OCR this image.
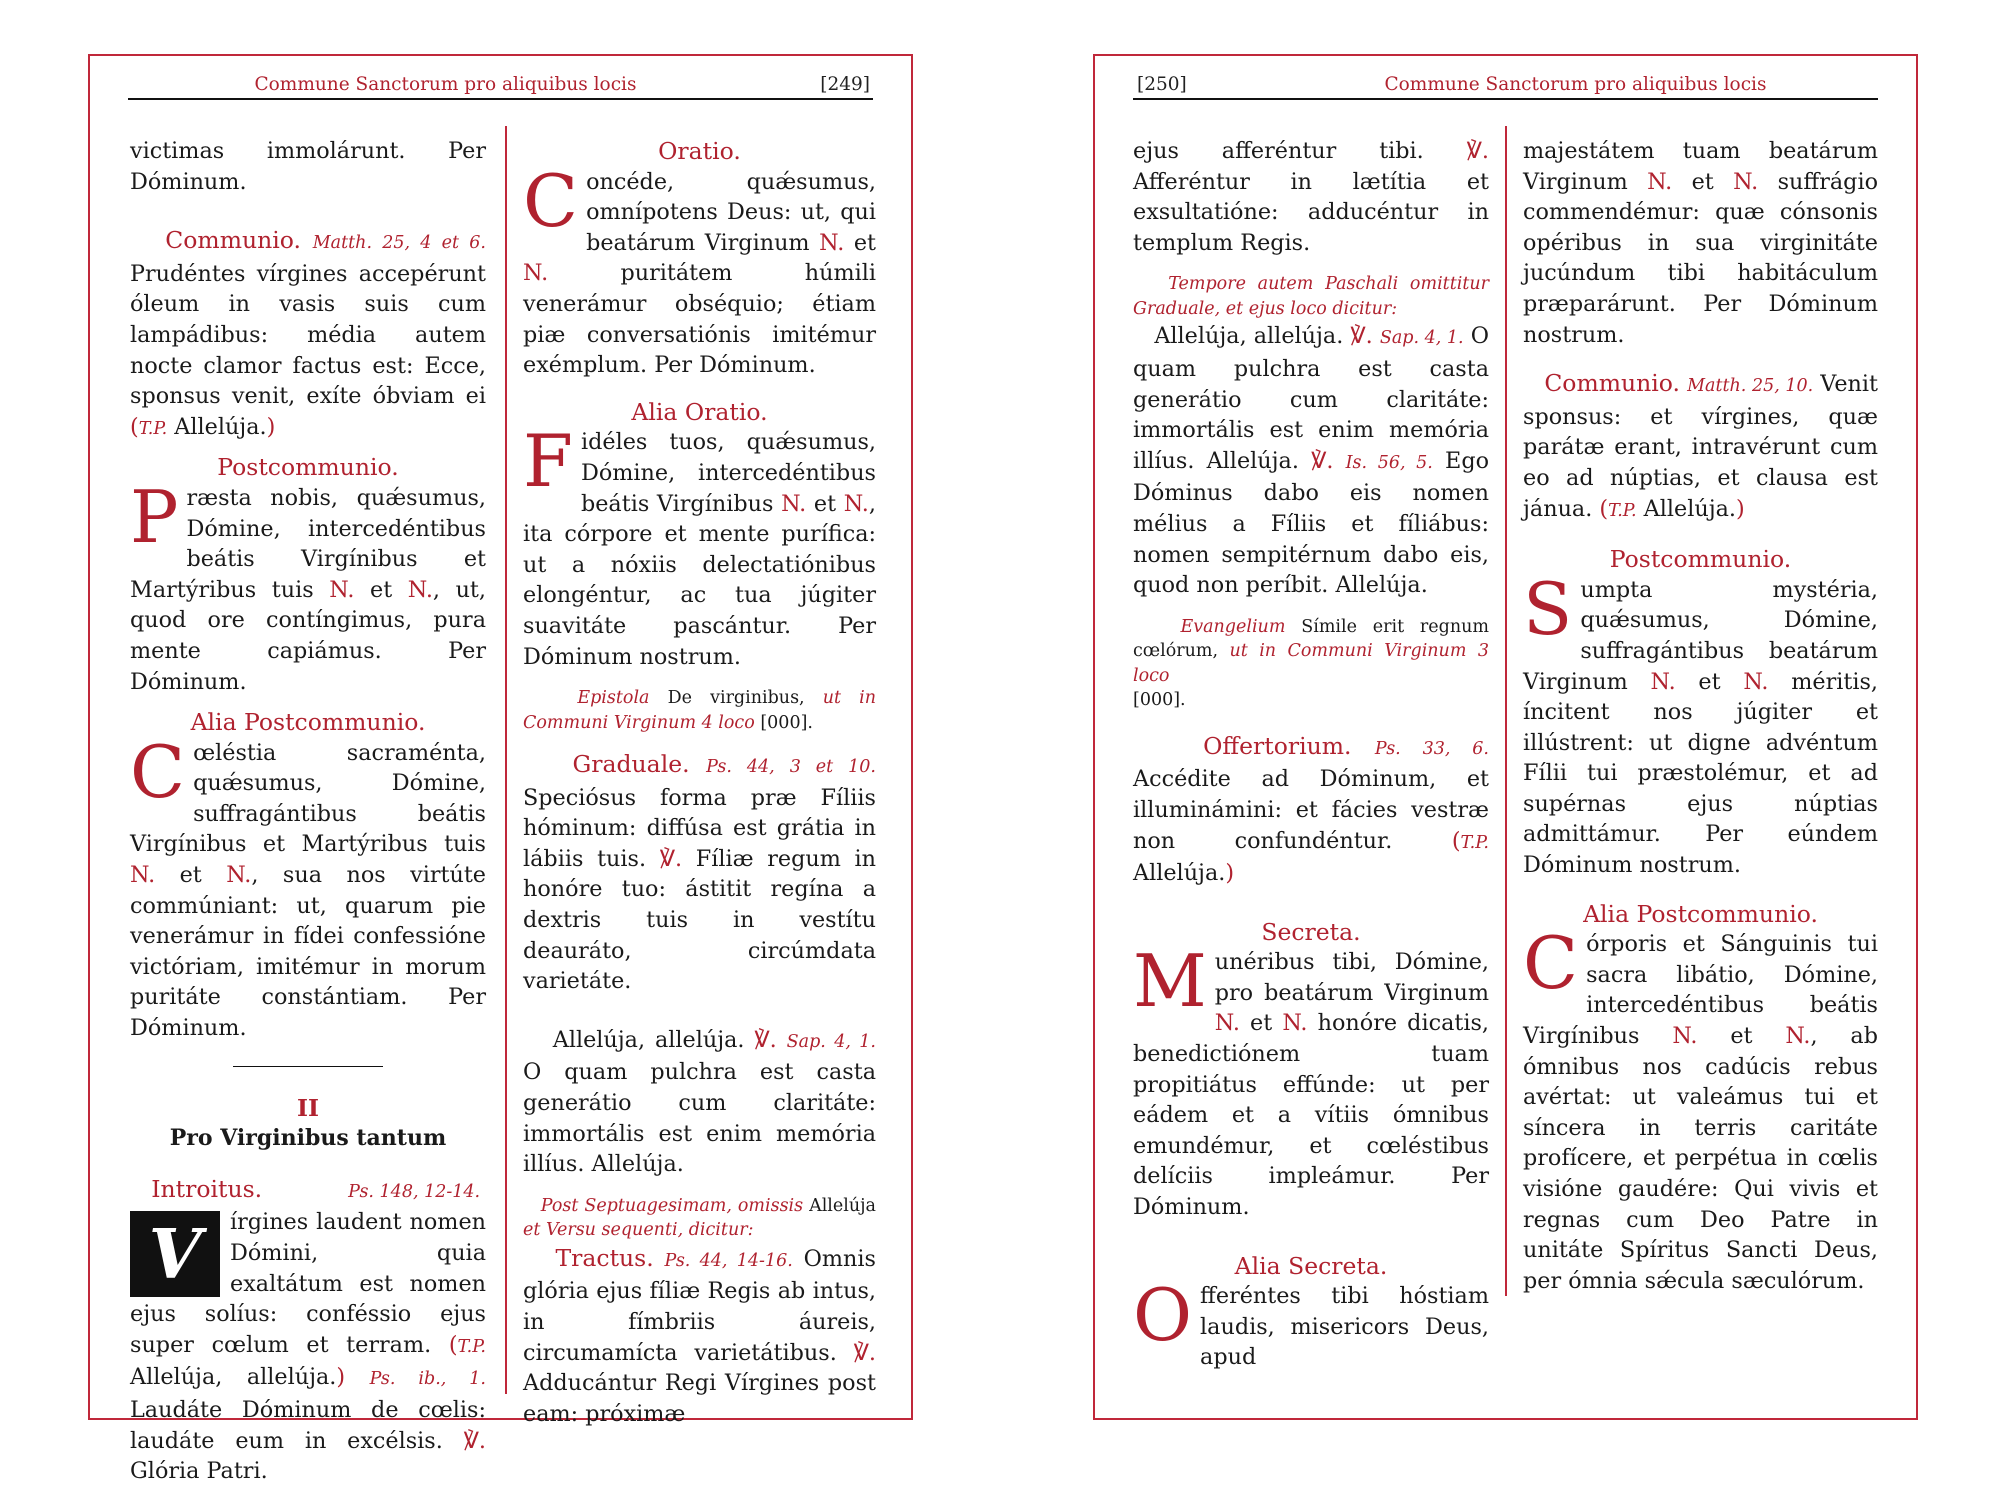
Commune Sanctorum pro aliquibus locis	[249]

victimas immolárunt. Per Dóminum.

Communio. Matth. 25, 4 et 6. Prudéntes vírgines accepérunt óleum in vasis suis cum lampádibus: média autem nocte clamor factus est: Ecce, sponsus venit, exíte óbviam ei (T.P. Allelúja.)

Postcommunio.

Præsta nobis, quǽsumus, Dómine, intercedéntibus beátis Virgínibus et Martýribus tuis N. et N., ut, quod ore contíngimus, pura mente capiámus. Per Dóminum.

Alia Postcommunio.

Cœléstia sacraménta, quǽsumus, Dómine, suffragántibus beátis Virgínibus et Martýribus tuis N. et N., sua nos virtúte commúniant: ut, quarum pie venerámur in fídei confessióne victóriam, imitémur in morum puritáte constántiam. Per Dóminum.

II
Pro Virginibus tantum

Introitus.	Ps. 148, 12-14.

V	írgines laudent nomen Dómini, quia exaltátum est nomen ejus solíus: conféssio ejus super cœlum et terram. (T.P. Allelúja, allelúja.) Ps. ib., 1. Laudáte Dóminum de cœlis: laudáte eum in excélsis. ℣. Glória Patri.

Oratio.

Concéde, quǽsumus, omnípotens Deus: ut, qui beatárum Virginum N. et N. puritátem húmili venerámur obséquio; étiam piæ conversatiónis imitémur exémplum. Per Dóminum.

Alia Oratio.

Fidéles tuos, quǽsumus, Dómine, intercedéntibus beátis Virgínibus N. et N., ita córpore et mente purífica: ut a nóxiis delectatiónibus elongéntur, ac tua júgiter suavitáte pascántur. Per Dóminum nostrum.

Epistola De virginibus, ut in Communi Virginum 4 loco [000].

Graduale. Ps. 44, 3 et 10. Speciósus forma præ Fíliis hóminum: diffúsa est grátia in lábiis tuis. ℣. Fíliæ regum in honóre tuo: ástitit regína a dextris tuis in vestítu deauráto, circúmdata varietáte.

Allelúja, allelúja. ℣. Sap. 4, 1. O quam pulchra est casta generátio cum claritáte: immortális est enim memória illíus. Allelúja.

Post Septuagesimam, omissis Allelúja et Versu sequenti, dicitur:

Tractus. Ps. 44, 14-16. Omnis glória ejus fíliæ Regis ab intus, in fímbriis áureis, circumamícta varietátibus. ℣. Adducántur Regi Vírgines post eam: próximæ

[250]	Commune Sanctorum pro aliquibus locis

ejus afferéntur tibi. ℣. Afferéntur in lætítia et exsultatióne: adducéntur in templum Regis.

Tempore autem Paschali omittitur Graduale, et ejus loco dicitur:

Allelúja, allelúja. ℣. Sap. 4, 1. O quam pulchra est casta generátio cum claritáte: immortális est enim memória illíus. Allelúja. ℣. Is. 56, 5. Ego Dóminus dabo eis nomen mélius a Fíliis et fíliábus: nomen sempitérnum dabo eis, quod non períbit. Allelúja.

Evangelium Símile erit regnum cœlórum, ut in Communi Virginum 3 loco
[000].

Offertorium. Ps. 33, 6. Accédite ad Dóminum, et illuminámini: et fácies vestræ non confundéntur. (T.P. Allelúja.)

Secreta.

Munéribus tibi, Dómine, pro beatárum Virginum N. et N. honóre dicatis, benedictiónem tuam propitiátus effúnde: ut per eádem et a vítiis ómnibus emundémur, et cœléstibus delíciis impleámur. Per Dóminum.

Alia Secreta.

Offeréntes tibi hóstiam laudis, misericors Deus, apud

majestátem tuam beatárum Virginum N. et N. suffrágio commendémur: quæ cónsonis opéribus in sua virginitáte jucúndum tibi habitáculum præparárunt. Per Dóminum nostrum.

Communio. Matth. 25, 10. Venit sponsus: et vírgines, quæ parátæ erant, intravérunt cum eo ad núptias, et clausa est jánua. (T.P. Allelúja.)

Postcommunio.

Sumpta mystéria, quǽsumus, Dómine, suffragántibus beatárum Virginum N. et N. méritis, íncitent nos júgiter et illústrent: ut digne advéntum Fílii tui præstolémur, et ad supérnas ejus núptias admittámur. Per eúndem Dóminum nostrum.

Alia Postcommunio.

Córporis et Sánguinis tui sacra libátio, Dómine, intercedéntibus beátis Virgínibus N. et N., ab ómnibus nos cadúcis rebus avértat: ut valeámus tui et síncera in terris caritáte profícere, et perpétua in cœlis visióne gaudére: Qui vivis et regnas cum Deo Patre in unitáte Spíritus Sancti Deus, per ómnia sǽcula sæculórum.
